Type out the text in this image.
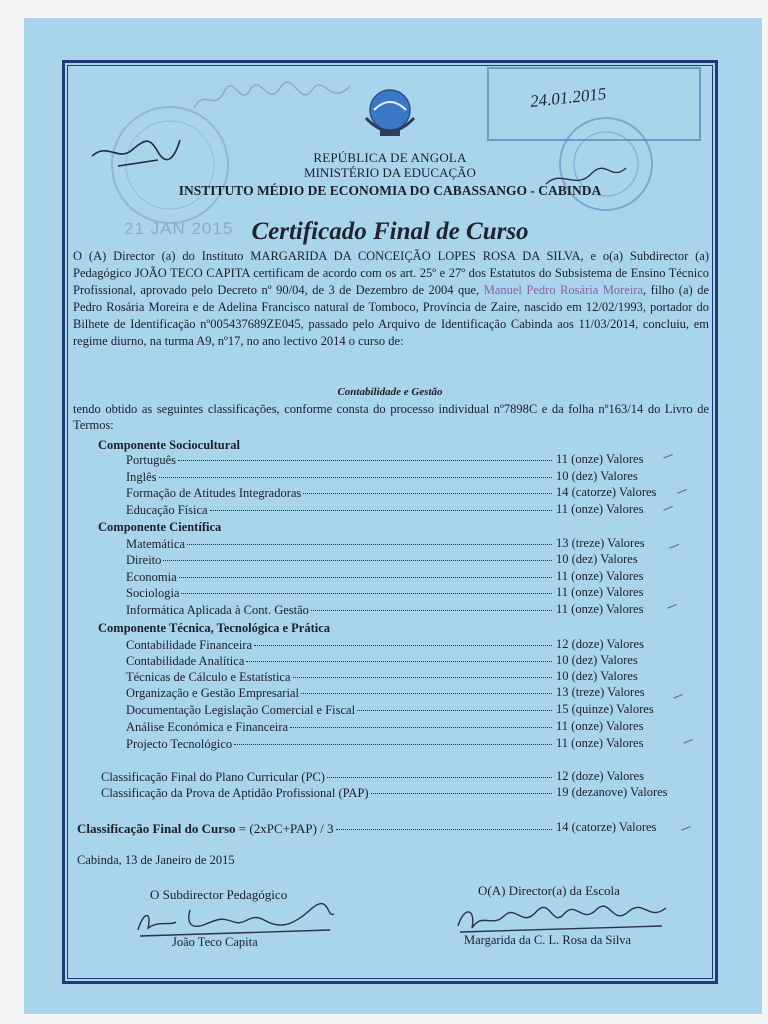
21 JAN 2015
24.01.2015
REPÚBLICA DE ANGOLA
MINISTÉRIO DA EDUCAÇÃO
INSTITUTO MÉDIO DE ECONOMIA DO CABASSANGO - CABINDA
Certificado Final de Curso
O (A) Director (a) do Instituto MARGARIDA DA CONCEIÇÃO LOPES ROSA DA SILVA, e o(a) Subdirector (a) Pedagógico JOÃO TECO CAPITA certificam de acordo com os art. 25º e 27º dos Estatutos do Subsistema de Ensino Técnico Profissional, aprovado pelo Decreto nº 90/04, de 3 de Dezembro de 2004 que, Manuel Pedro Rosária Moreira, filho (a) de Pedro Rosária Moreira e de Adelina Francisco natural de Tomboco, Província de Zaire, nascido em 12/02/1993, portador do Bilhete de Identificação nº005437689ZE045, passado pelo Arquivo de Identificação Cabinda aos 11/03/2014, concluiu, em regime diurno, na turma A9, nº17, no ano lectivo 2014 o curso de:
Contabilidade e Gestão
tendo obtido as seguintes classificações, conforme consta do processo individual nº7898C e da folha nº163/14 do Livro de Termos:
Componente Sociocultural
Português	11 (onze) Valores
Inglês	10 (dez) Valores
Formação de Atitudes Integradoras	14 (catorze) Valores
Educação Física	11 (onze) Valores
Componente Científica
Matemática	13 (treze) Valores
Direito	10 (dez) Valores
Economia	11 (onze) Valores
Sociologia	11 (onze) Valores
Informática Aplicada à Cont. Gestão	11 (onze) Valores
Componente Técnica, Tecnológica e Prática
Contabilidade Financeira	12 (doze) Valores
Contabilidade Analítica	10 (dez) Valores
Técnicas de Cálculo e Estatística	10 (dez) Valores
Organização e Gestão Empresarial	13 (treze) Valores
Documentação Legislação Comercial e Fiscal	15 (quinze) Valores
Análise Económica e Financeira	11 (onze) Valores
Projecto Tecnológico	11 (onze) Valores
Classificação Final do Plano Curricular (PC)	12 (doze) Valores
Classificação da Prova de Aptidão Profissional (PAP)	19 (dezanove) Valores
Classificação Final do Curso = (2xPC+PAP) / 3	14 (catorze) Valores
Cabinda, 13 de Janeiro de 2015
O Subdirector Pedagógico
João Teco Capita
O(A) Director(a) da Escola
Margarida da C. L. Rosa da Silva
